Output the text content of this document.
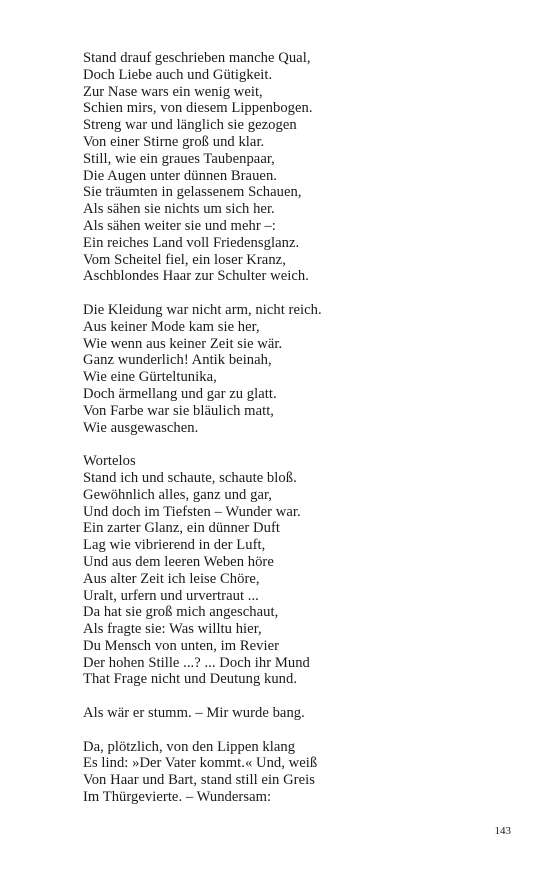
Stand drauf geschrieben manche Qual,
Doch Liebe auch und Gütigkeit.
Zur Nase wars ein wenig weit,
Schien mirs, von diesem Lippenbogen.
Streng war und länglich sie gezogen
Von einer Stirne groß und klar.
Still, wie ein graues Taubenpaar,
Die Augen unter dünnen Brauen.
Sie träumten in gelassenem Schauen,
Als sähen sie nichts um sich her.
Als sähen weiter sie und mehr –:
Ein reiches Land voll Friedensglanz.
Vom Scheitel fiel, ein loser Kranz,
Aschblondes Haar zur Schulter weich.
Die Kleidung war nicht arm, nicht reich.
Aus keiner Mode kam sie her,
Wie wenn aus keiner Zeit sie wär.
Ganz wunderlich! Antik beinah,
Wie eine Gürteltunika,
Doch ärmellang und gar zu glatt.
Von Farbe war sie bläulich matt,
Wie ausgewaschen.
Wortelos
Stand ich und schaute, schaute bloß.
Gewöhnlich alles, ganz und gar,
Und doch im Tiefsten – Wunder war.
Ein zarter Glanz, ein dünner Duft
Lag wie vibrierend in der Luft,
Und aus dem leeren Weben höre
Aus alter Zeit ich leise Chöre,
Uralt, urfern und urvertraut ...
Da hat sie groß mich angeschaut,
Als fragte sie: Was willtu hier,
Du Mensch von unten, im Revier
Der hohen Stille ...? ... Doch ihr Mund
That Frage nicht und Deutung kund.
Als wär er stumm. – Mir wurde bang.
Da, plötzlich, von den Lippen klang
Es lind: »Der Vater kommt.« Und, weiß
Von Haar und Bart, stand still ein Greis
Im Thürgevierte. – Wundersam:
143
